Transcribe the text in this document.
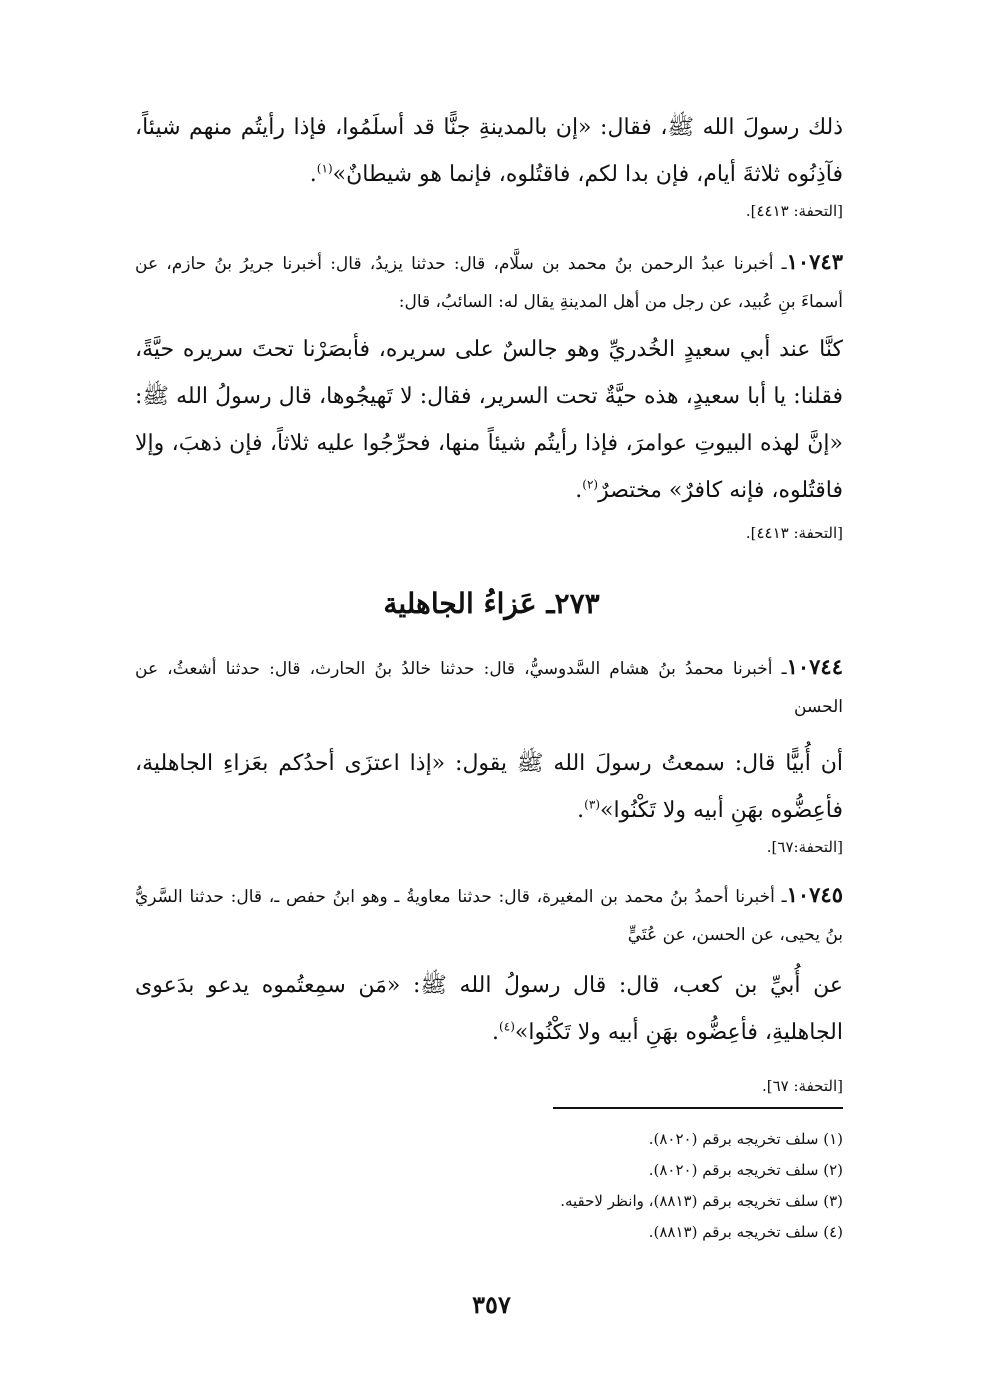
ذلك رسولَ الله ﷺ، فقال: «إن بالمدينةِ جنًّا قد أسلَمُوا، فإذا رأيتُم منهم شيئاً، فآذِنُوه ثلاثةَ أيام، فإن بدا لكم، فاقتُلوه، فإنما هو شيطانٌ»$^{(١)}$.
[التحفة: ٤٤١٣].
١٠٧٤٣ـ أخبرنا عبدُ الرحمن بنُ محمد بن سلَّام، قال: حدثنا يزيدُ، قال: أخبرنا جريرُ بنُ حازم، عن أسماءَ بنِ عُبيد، عن رجل من أهل المدينةِ يقال له: السائبُ، قال:
كنَّا عند أبي سعيدٍ الخُدريِّ وهو جالسٌ على سريره، فأبصَرْنا تحتَ سريره حيَّةً، فقلنا: يا أبا سعيدٍ، هذه حيَّةٌ تحت السرير، فقال: لا تَهيجُوها، قال رسولُ الله ﷺ: «إنَّ لهذه البيوتِ عوامرَ، فإذا رأيتُم شيئاً منها، فحرِّجُوا عليه ثلاثاً، فإن ذهبَ، وإلا فاقتُلوه، فإنه كافرٌ» مختصرٌ$^{(٢)}$.
[التحفة: ٤٤١٣].
٢٧٣ـ عَزاءُ الجاهلية
١٠٧٤٤ـ أخبرنا محمدُ بنُ هشام السَّدوسيُّ، قال: حدثنا خالدُ بنُ الحارث، قال: حدثنا أشعثُ، عن الحسن
أن أُبيًّا قال: سمعتُ رسولَ الله ﷺ يقول: «إذا اعتزَى أحدُكم بعَزاءِ الجاهلية، فأعِضُّوه بهَنِ أبيه ولا تَكْنُوا»$^{(٣)}$.
[التحفة:٦٧].
١٠٧٤٥ـ أخبرنا أحمدُ بنُ محمد بن المغيرة، قال: حدثنا معاويةُ ـ وهو ابنُ حفص ـ، قال: حدثنا السَّريُّ بنُ يحيى، عن الحسن، عن عُتَيٍّ
عن أُبيِّ بن كعب، قال: قال رسولُ الله ﷺ: «مَن سمِعتُموه يدعو بدَعوى الجاهليةِ، فأعِضُّوه بهَنِ أبيه ولا تَكْنُوا»$^{(٤)}$.
[التحفة: ٦٧].
(١) سلف تخريجه برقم (٨٠٢٠).
(٢) سلف تخريجه برقم (٨٠٢٠).
(٣) سلف تخريجه برقم (٨٨١٣)، وانظر لاحقيه.
(٤) سلف تخريجه برقم (٨٨١٣).
٣٥٧
